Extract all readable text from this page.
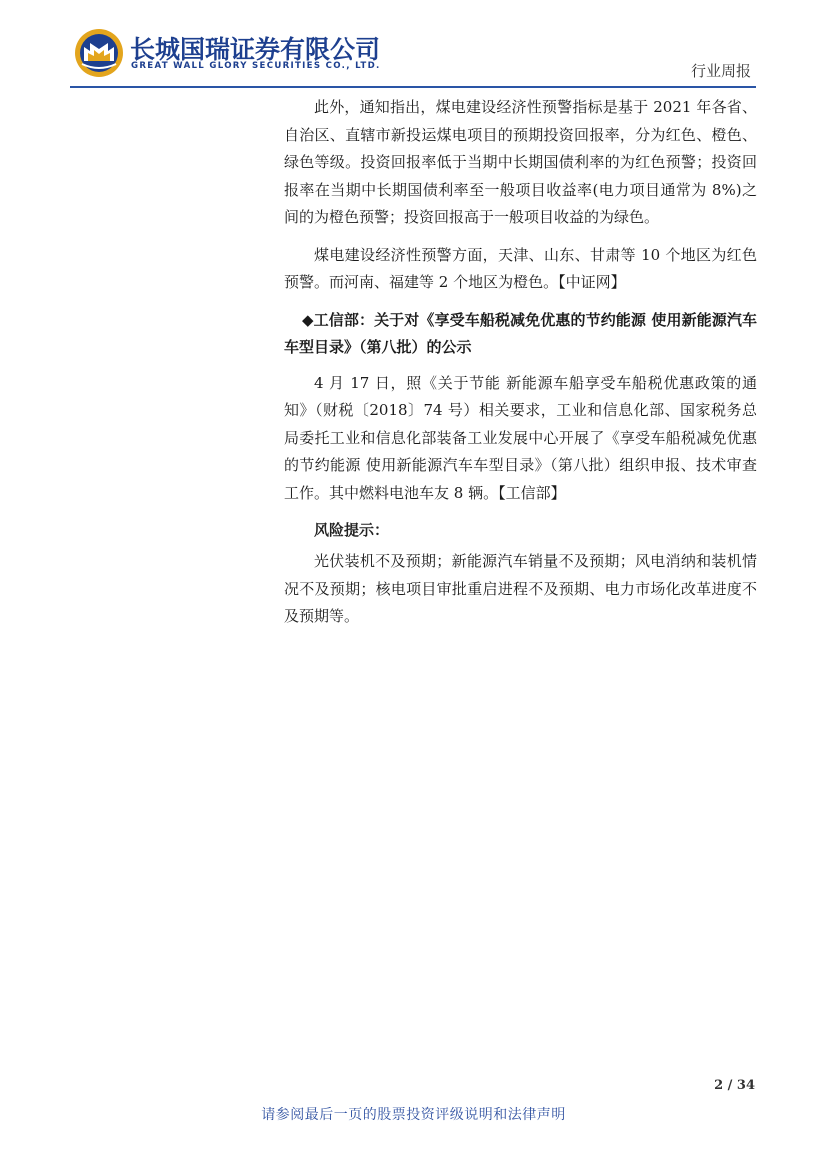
长城国瑞证券有限公司
GREAT WALL GLORY SECURITIES CO., LTD.	行业周报

此外，通知指出，煤电建设经济性预警指标是基于 2021 年各省、自治区、直辖市新投运煤电项目的预期投资回报率，分为红色、橙色、绿色等级。投资回报率低于当期中长期国债利率的为红色预警；投资回报率在当期中长期国债利率至一般项目收益率(电力项目通常为 8%)之间的为橙色预警；投资回报高于一般项目收益的为绿色。

煤电建设经济性预警方面，天津、山东、甘肃等 10 个地区为红色预警。而河南、福建等 2 个地区为橙色。【中证网】

◆工信部：关于对《享受车船税减免优惠的节约能源 使用新能源汽车车型目录》（第八批）的公示

4 月 17 日，照《关于节能 新能源车船享受车船税优惠政策的通知》（财税〔2018〕74 号）相关要求，工业和信息化部、国家税务总局委托工业和信息化部装备工业发展中心开展了《享受车船税减免优惠的节约能源 使用新能源汽车车型目录》（第八批）组织申报、技术审查工作。其中燃料电池车友 8 辆。【工信部】

风险提示：

光伏装机不及预期；新能源汽车销量不及预期；风电消纳和装机情况不及预期；核电项目审批重启进程不及预期、电力市场化改革进度不及预期等。

2 / 34
请参阅最后一页的股票投资评级说明和法律声明
